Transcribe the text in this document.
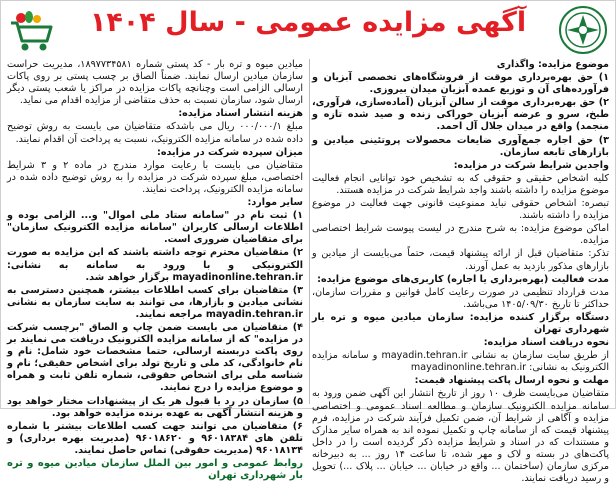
آگهی مزایده عمومی - سال ۱۴۰۴

موضوع مزایده: واگذاری

۱) حق بهره‌برداری موقت از فروشگاه‌های تخصصی آبزیان و فرآورده‌های آن و توزیع عمده آبزیان میدان بیروزی.

۲) حق بهره‌برداری موقت از سالن آبزیان (آماده‌سازی، فرآوری، طبخ، سرو و عرضه آبزیان خوراکی زنده و صید شده تازه و منجمد) واقع در میدان جلال آل احمد.

۳) حق اجاره جمع‌آوری ضایعات محصولات پروتئینی میادین و بازارهای تابعه سازمان.

واجدین شرایط شرکت در مزایده:

کلیه اشخاص حقیقی و حقوقی که به تشخیص خود توانایی انجام فعالیت موضوع مزایده را داشته باشند واجد شرایط شرکت در مزایده هستند.

تبصره: اشخاص حقوقی نباید ممنوعیت قانونی جهت فعالیت در موضوع مزایده را داشته باشند.

اماکن موضوع مزایده: به شرح مندرج در لیست پیوست شرایط اختصاصی مزایده.

تذکر: متقاضیان قبل از ارائه پیشنهاد قیمت، حتماً می‌بایست از میادین و بازارهای مذکور بازدید به عمل آورند.

مدت فعالیت (بهره‌برداری یا اجاره) کاربری‌های موضوع مزایده:

مدت قرارداد تنظیمی در صورت رعایت کامل قوانین و مقررات سازمان، حداکثر تا تاریخ ۱۴۰۵/۰۹/۳۰ می‌باشد.

دستگاه برگزار کننده مزایده: سازمان میادین میوه و تره بار شهرداری تهران

نحوه دریافت اسناد مزایده:

از طریق سایت سازمان به نشانی mayadin.tehran.ir و سامانه مزایده الکترونیک به نشانی: mayadinonline.tehran.ir

مهلت و نحوه ارسال پاکت پیشنهاد قیمت:

متقاضیان می‌بایست ظرف ۱۰ روز از تاریخ انتشار این آگهی ضمن ورود به سامانه مزایده الکترونیک سازمان و مطالعه اسناد عمومی و اختصاصی مزایده و آگاهی از شرایط آن، ضمن تکمیل فرآیند شرکت در مزایده، فرم پیشنهاد قیمت که از سامانه چاپ و تکمیل نموده اند به همراه سایر مدارک و مستندات که در اسناد و شرایط مزایده ذکر گردیده است را در داخل پاکت‌های در بسته و لاک و مهر شده، تا ساعت ۱۴ روز ... به دبیرخانه مرکزی سازمان (ساختمان ... واقع در خیابان ... خیابان ... پلاک ...) تحویل و رسید دریافت نمایند.

میادین میوه و تره بار - کد پستی شماره ۱۸۹۷۷۳۴۵۸۱، مدیریت حراست سازمان میادین ارسال نمایند. ضمناً الصاق بر چسب پستی بر روی پاکات ارسالی الزامی است وچنانچه پاکات مزایده در مراکز یا شعب پستی دیگر ارسال شود، سازمان نسبت به حذف متقاضی از مزایده اقدام می نماید.

هزینه انتشار اسناد مزایده:

مبلغ ۰۰۰/۰۰۰/۱ ریال می باشدکه متقاضیان می بایست به روش توضیح داده شده در سامانه مزایده الکترونیک، نسبت به پرداخت آن اقدام نمایند.

میزان سپرده شرکت در مزایده:

متقاضیان می بایست با رعایت موارد مندرج در ماده ۲ و ۳ شرایط اختصاصی، مبلغ سپرده شرکت در مزایده را به روش توضیح داده شده در سامانه مزایده الکترونیک، پرداخت نمایند.

سایر موارد:

۱) ثبت نام در "سامانه ستاد ملی اموال" و... الزامی بوده و اطلاعات ارسالی کاربران "سامانه مزایده الکترونیک سازمان" برای متقاضیان ضروری است.

۲) متقاضیان محترم توجه داشته باشند که این مزایده به صورت الکترونیکی و با ورود به سامانه به نشانی: mayadinonline.tehran.ir برگزار خواهد شد.

۳) متقاضیان برای کسب اطلاعات بیشتر، همچنین دسترسی به نشانی میادین و بازارها، می توانند به سایت سازمان به نشانی mayadin.tehran.ir مراجعه نمایند.

۴) متقاضیان می بایست ضمن چاپ و الصاق "برچسب شرکت در مزایده" که از سامانه مزایده الکترونیک دریافت می نمایند بر روی پاکت دربسته ارسالی، حتما مشخصات خود شامل: نام و نام خانوادگی، کد ملی و تاریخ تولد برای اشخاص حقیقی؛ نام و شناسه ملی برای اشخاص حقوقی، شماره تلفن ثابت و همراه و موضوع مزایده را درج نمایند.

۵) سازمان در رد یا قبول هر یک از پیشنهادات مختار خواهد بود و هزینه انتشار آگهی به عهده برنده مزایده خواهد بود.

۶) متقاضیان می توانند جهت کسب اطلاعات بیشتر با شماره تلفن های ۹۶۰۱۸۳۸۴ و ۹۶۰۱۸۶۲۰ (مدیریت بهره برداری) و ۹۶۰۱۸۱۳۴ (مدیریت حقوقی) تماس حاصل نمایند.

روابط عمومی و امور بین الملل سازمان میادین میوه و تره بار شهرداری تهران
